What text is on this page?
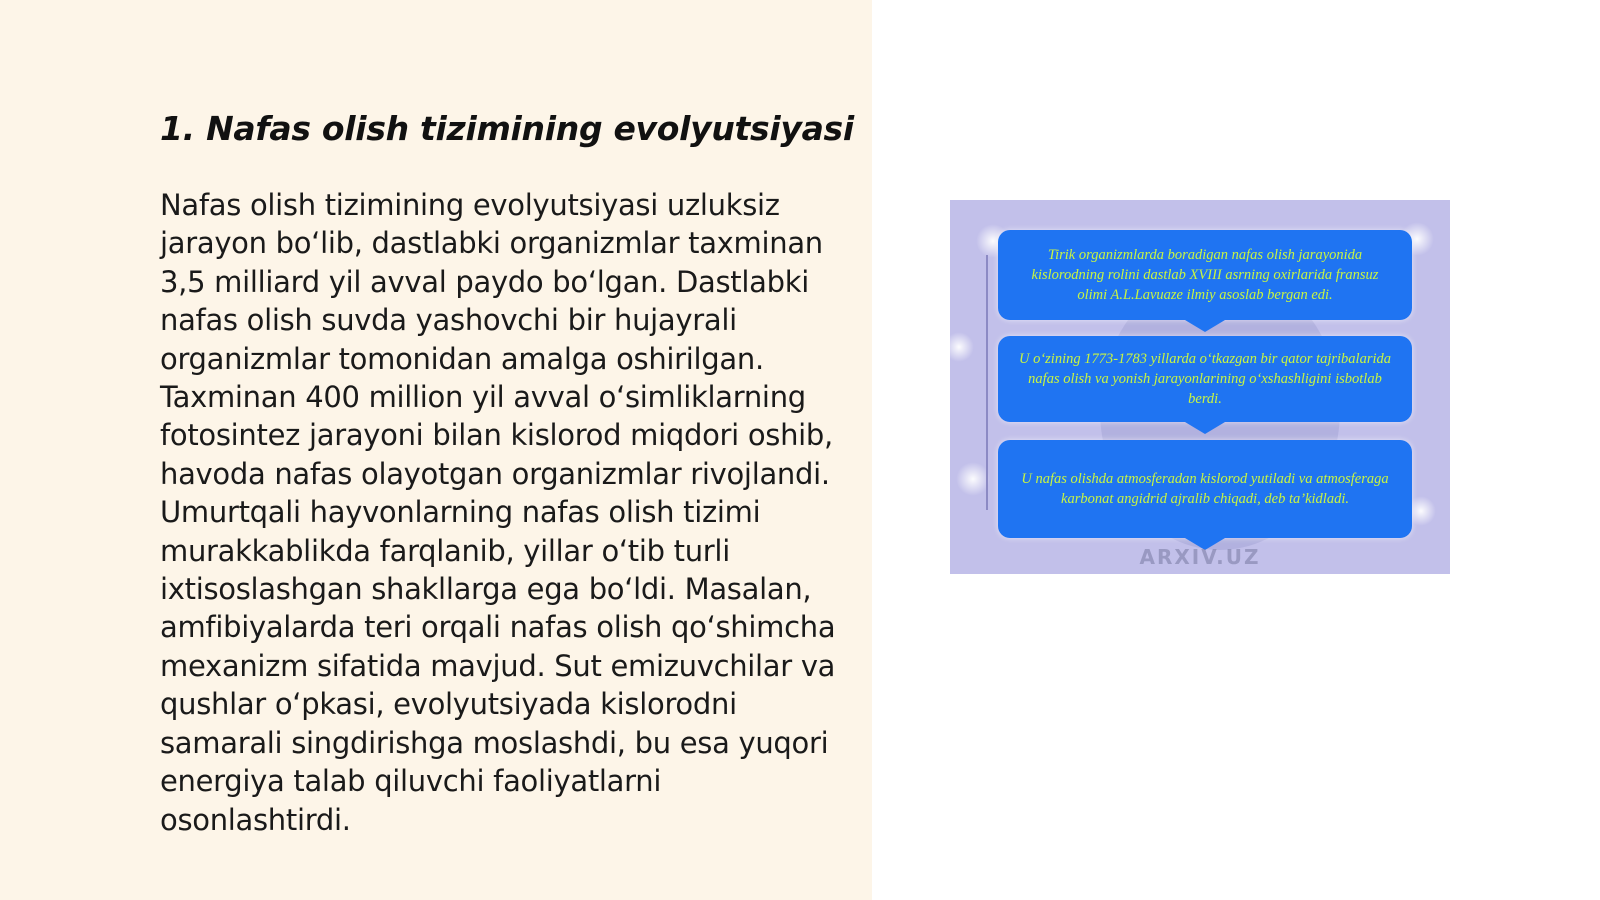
1. Nafas olish tizimining evolyutsiyasi

Nafas olish tizimining evolyutsiyasi uzluksiz jarayon bo‘lib, dastlabki organizmlar taxminan 3,5 milliard yil avval paydo bo‘lgan. Dastlabki nafas olish suvda yashovchi bir hujayrali organizmlar tomonidan amalga oshirilgan. Taxminan 400 million yil avval o‘simliklarning fotosintez jarayoni bilan kislorod miqdori oshib, havoda nafas olayotgan organizmlar rivojlandi. Umurtqali hayvonlarning nafas olish tizimi murakkablikda farqlanib, yillar o‘tib turli ixtisoslashgan shakllarga ega bo‘ldi. Masalan, amfibiyalarda teri orqali nafas olish qo‘shimcha mexanizm sifatida mavjud. Sut emizuvchilar va qushlar o‘pkasi, evolyutsiyada kislorodni samarali singdirishga moslashdi, bu esa yuqori energiya talab qiluvchi faoliyatlarni osonlashtirdi.

Tirik organizmlarda boradigan nafas olish jarayonida kislorodning rolini dastlab XVIII asrning oxirlarida fransuz olimi A.L.Lavuaze ilmiy asoslab bergan edi.
U o‘zining 1773-1783 yillarda o‘tkazgan bir qator tajribalarida nafas olish va yonish jarayonlarining o‘xshashligini isbotlab berdi.
U nafas olishda atmosferadan kislorod yutiladi va atmosferaga karbonat angidrid ajralib chiqadi, deb ta’kidladi.
ARXIV.UZ
